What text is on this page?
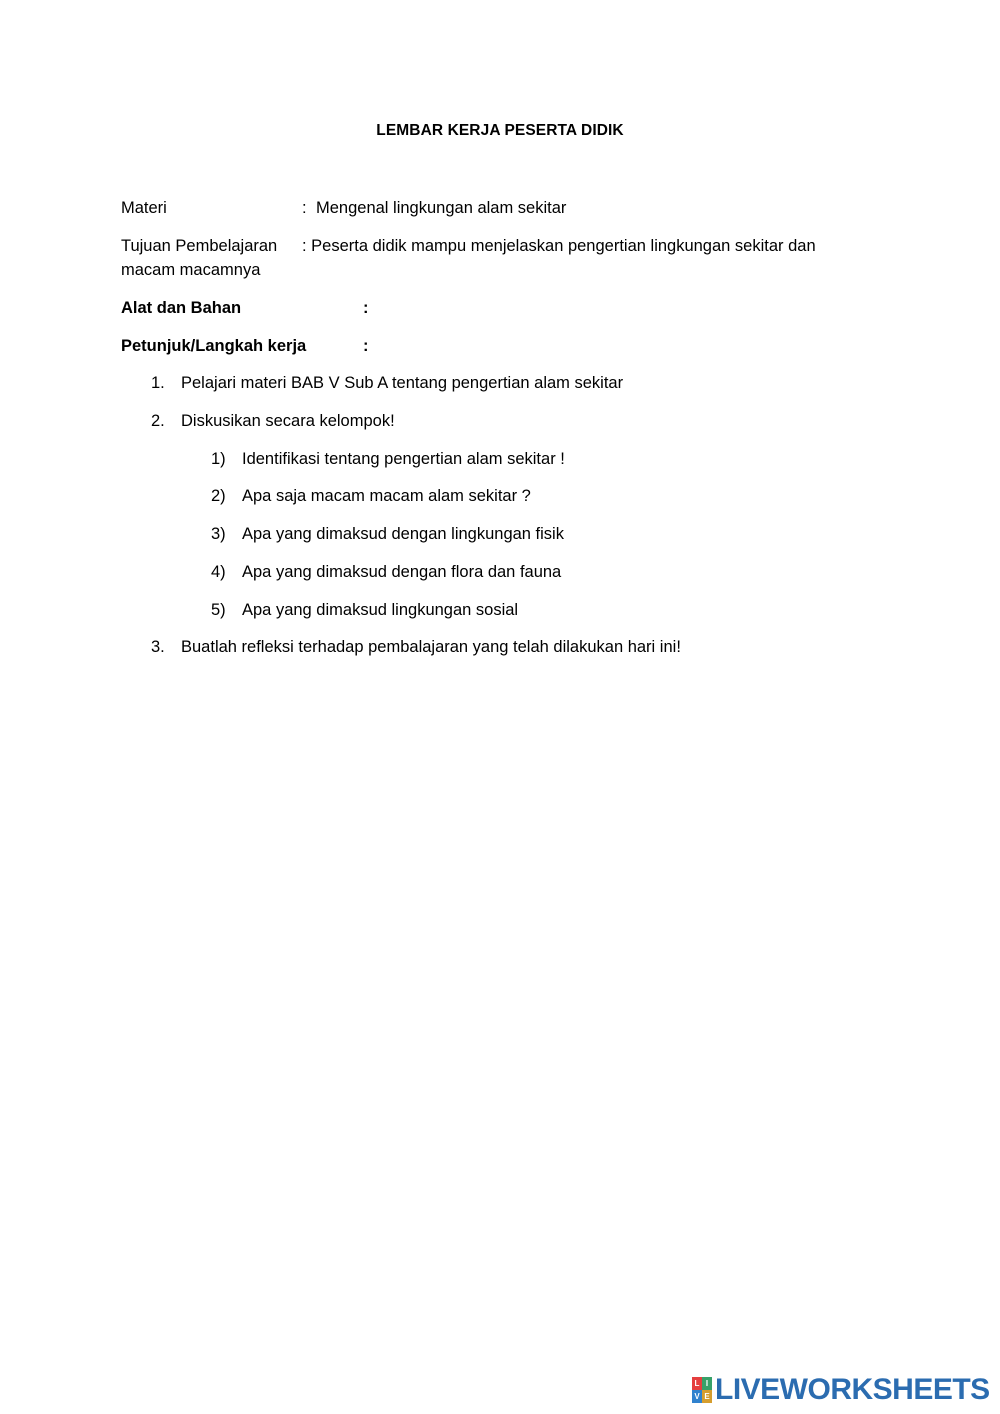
LEMBAR KERJA PESERTA DIDIK
Materi	: Mengenal lingkungan alam sekitar
Tujuan Pembelajaran : Peserta didik mampu menjelaskan pengertian lingkungan sekitar dan
macam macamnya
Alat dan Bahan	:
Petunjuk/Langkah kerja	:
1. Pelajari materi BAB V Sub A tentang pengertian alam sekitar
2. Diskusikan secara kelompok!
1) Identifikasi tentang pengertian alam sekitar !
2) Apa saja macam macam alam sekitar ?
3) Apa yang dimaksud dengan lingkungan fisik
4) Apa yang dimaksud dengan flora dan fauna
5) Apa yang dimaksud lingkungan sosial
3. Buatlah refleksi terhadap pembalajaran yang telah dilakukan hari ini!
L I
V E LIVEWORKSHEETS
